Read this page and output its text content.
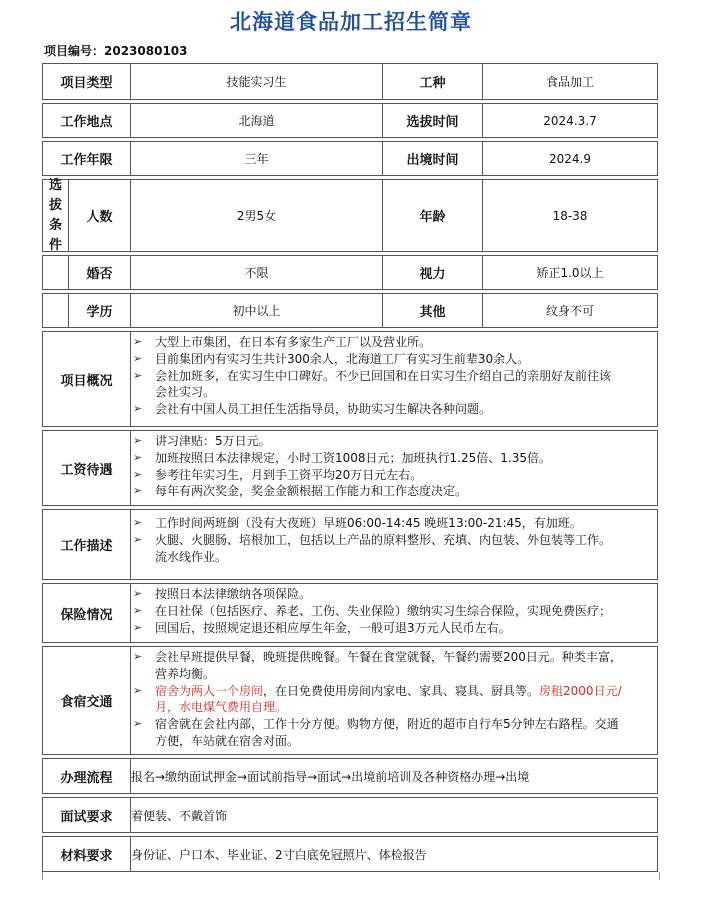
北海道食品加工招生简章
项目编号：2023080103
项目类型	技能实习生	工种	食品加工
工作地点	北海道	选拔时间	2024.3.7
工作年限	三年	出境时间	2024.9
选
拔
条
件
人数	2男5女	年龄	18-38
婚否	不限	视力	矫正1.0以上
学历	初中以上	其他	纹身不可
项目概况
➢ 大型上市集团，在日本有多家生产工厂以及营业所。
➢ 目前集团内有实习生共计300余人，北海道工厂有实习生前辈30余人。
➢ 会社加班多，在实习生中口碑好。不少已回国和在日实习生介绍自己的亲朋好友前往该
会社实习。
➢ 会社有中国人员工担任生活指导员，协助实习生解决各种问题。
工资待遇
➢ 讲习津贴：5万日元。
➢ 加班按照日本法律规定，小时工资1008日元；加班执行1.25倍、1.35倍。
➢ 参考往年实习生，月到手工资平均20万日元左右。
➢ 每年有两次奖金，奖金金额根据工作能力和工作态度决定。
工作描述
➢ 工作时间两班倒（没有大夜班）早班06:00-14:45 晚班13:00-21:45，有加班。
➢ 火腿、火腿肠、培根加工，包括以上产品的原料整形、充填、内包装、外包装等工作。
流水线作业。
保险情况
➢ 按照日本法律缴纳各项保险。
➢ 在日社保（包括医疗、养老、工伤、失业保险）缴纳实习生综合保险，实现免费医疗；
➢ 回国后，按照规定退还相应厚生年金，一般可退3万元人民币左右。
食宿交通
➢ 会社早班提供早餐，晚班提供晚餐。午餐在食堂就餐，午餐约需要200日元。种类丰富，
营养均衡。
➢ 宿舍为两人一个房间，在日免费使用房间内家电、家具、寝具、厨具等。房租2000日元/
月，水电煤气费用自理。
➢ 宿舍就在会社内部，工作十分方便。购物方便，附近的超市自行车5分钟左右路程。交通
方便，车站就在宿舍对面。
办理流程	报名→缴纳面试押金→面试前指导→面试→出境前培训及各种资格办理→出境
面试要求	着便装、不戴首饰
材料要求	身份证、户口本、毕业证、2寸白底免冠照片、体检报告
